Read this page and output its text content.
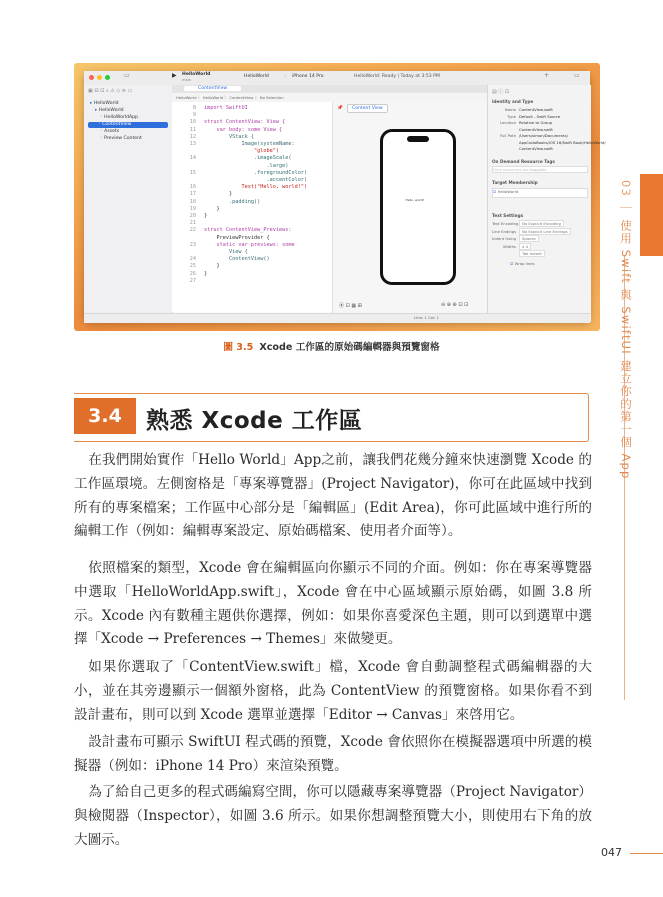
▭	▶ HelloWorld
main
HelloWorld	〉 iPhone 14 Pro	HelloWorld: Ready | Today at 3:53 PM	+	▭
▣ ⊟ ⊡ ⌕ ⚠ ◇ ≡ ▭
▸ HelloWorld
▸ HelloWorld
◦ HelloWorldApp
◦ ContentView
◦ Assets
◦ Preview Content
ContentView
HelloWorld 〉 HelloWorld 〉 ContentView 〉 No Selection
8 import SwiftUI
9
10 struct ContentView: View {
11    var body: some View {
12        VStack {
13            Image(systemName:
"globe")
14                .imageScale(
.large)
15                .foregroundColor(
.accentColor)
16            Text("Hello, world!")
17        }
18        .padding()
19    }
20 }
21
22 struct ContentView_Previews:
PreviewProvider {
23    static var previews: some
View {
24        ContentView()
25    }
26 }
27
📌	Content View
Hello, world!
⦿ ⊡ ▦ ⊞	⊖ ⊕ ⊕ ⊡ ⊡
▤ ⓘ ⊡
Identity and Type
Name ContentView.swift
Type Default - Swift Source
Location Relative to Group
ContentView.swift
Full Path /Users/simon/Documents/
AppCodaBooks/iOS 16/Swift Book/HelloWorld/
ContentView.swift
On Demand Resource Tags
Only resources are taggable
Target Membership
☑ HelloWorld
Text Settings
Text Encoding No Explicit Encoding
Line Endings No Explicit Line Endings
Indent Using Spaces
Widths 4 4
Tab Indent
☑ Wrap lines
Line: 1 Col: 1
圖 3.5 Xcode 工作區的原始碼編輯器與預覽窗格
3.4	熟悉 Xcode 工作區

在我們開始實作「Hello World」App之前，讓我們花幾分鐘來快速瀏覽 Xcode 的工作區環境。左側窗格是「專案導覽器」(Project Navigator)，你可在此區域中找到所有的專案檔案；工作區中心部分是「編輯區」(Edit Area)，你可此區域中進行所的編輯工作（例如：編輯專案設定、原始碼檔案、使用者介面等）。

依照檔案的類型，Xcode 會在編輯區向你顯示不同的介面。例如：你在專案導覽器中選取「HelloWorldApp.swift」，Xcode 會在中心區域顯示原始碼，如圖 3.8 所示。Xcode 內有數種主題供你選擇，例如：如果你喜愛深色主題，則可以到選單中選擇「Xcode → Preferences → Themes」來做變更。

如果你選取了「ContentView.swift」檔，Xcode 會自動調整程式碼編輯器的大小，並在其旁邊顯示一個額外窗格，此為 ContentView 的預覽窗格。如果你看不到設計畫布，則可以到 Xcode 選單並選擇「Editor → Canvas」來啓用它。

設計畫布可顯示 SwiftUI 程式碼的預覽，Xcode 會依照你在模擬器選項中所選的模擬器（例如：iPhone 14 Pro）來渲染預覽。

為了給自己更多的程式碼編寫空間，你可以隱藏專案導覽器（Project Navigator）與檢閱器（Inspector），如圖 3.6 所示。如果你想調整預覽大小，則使用右下角的放大圖示。

03 ｜ 使用 Swift 與 SwiftUI 建立你的第一個 App
047
